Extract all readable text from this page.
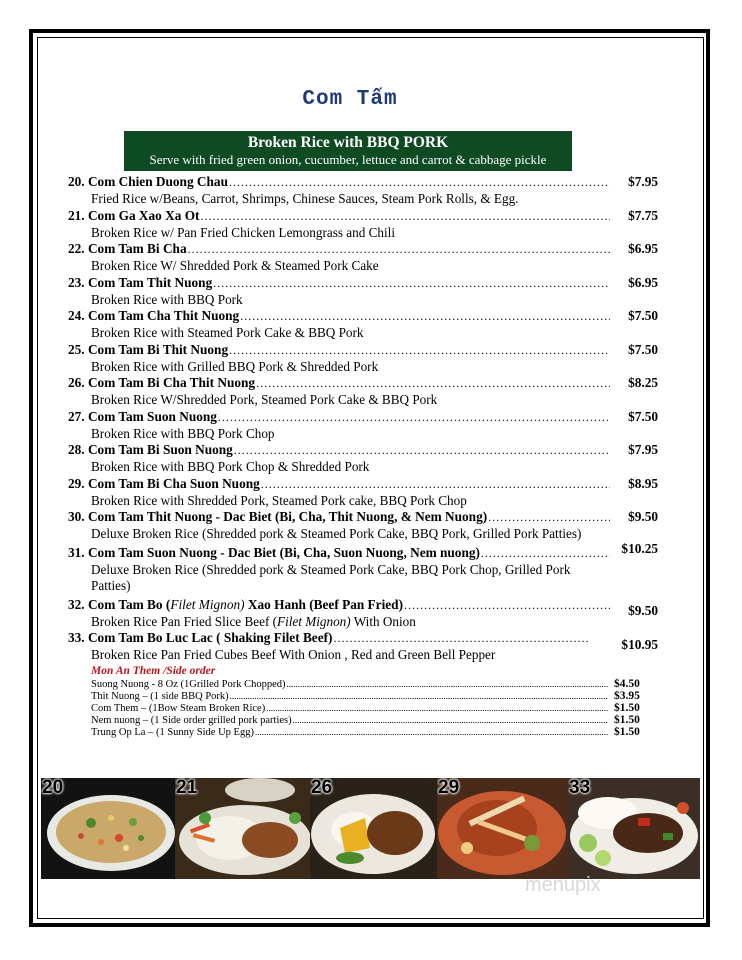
Com Tấm
Broken Rice with BBQ PORK
Serve with fried green onion, cucumber, lettuce and carrot & cabbage pickle
20. Com Chien Duong Chau .....	$7.95
Fried Rice w/Beans, Carrot, Shrimps, Chinese Sauces, Steam Pork Rolls, & Egg.
21. Com Ga Xao Xa Ot .....	$7.75
Broken Rice w/ Pan Fried Chicken Lemongrass and Chili
22. Com Tam Bi Cha .....	$6.95
Broken Rice W/ Shredded Pork & Steamed Pork Cake
23. Com Tam Thit Nuong .....	$6.95
Broken Rice with BBQ Pork
24. Com Tam Cha Thit Nuong .....	$7.50
Broken Rice with Steamed Pork Cake & BBQ Pork
25. Com Tam Bi Thit Nuong .....	$7.50
Broken Rice with Grilled BBQ Pork & Shredded Pork
26. Com Tam Bi Cha Thit Nuong .....	$8.25
Broken Rice W/Shredded Pork, Steamed Pork Cake & BBQ Pork
27. Com Tam Suon Nuong .....	$7.50
Broken Rice with BBQ Pork Chop
28. Com Tam Bi Suon Nuong .....	$7.95
Broken Rice with BBQ Pork Chop & Shredded Pork
29. Com Tam Bi Cha Suon Nuong .....	$8.95
Broken Rice with Shredded Pork, Steamed Pork cake, BBQ Pork Chop
30. Com Tam Thit Nuong - Dac Biet (Bi, Cha, Thit Nuong, & Nem Nuong) .....	$9.50
Deluxe Broken Rice (Shredded pork & Steamed Pork Cake, BBQ Pork, Grilled Pork Patties)
31. Com Tam Suon Nuong - Dac Biet (Bi, Cha, Suon Nuong, Nem nuong) .....	$10.25
Deluxe Broken Rice (Shredded pork & Steamed Pork Cake, BBQ Pork Chop, Grilled Pork Patties)
32. Com Tam Bo (Filet Mignon) Xao Hanh (Beef Pan Fried) .....	$9.50
Broken Rice Pan Fried Slice Beef (Filet Mignon) With Onion
33. Com Tam Bo Luc Lac ( Shaking Filet Beef) .....	$10.95
Broken Rice Pan Fried Cubes Beef With Onion , Red and Green Bell Pepper
Mon An Them /Side order
Suong Nuong - 8 Oz (1Grilled Pork Chopped) .....	$4.50
Thit Nuong – (1 side BBQ Pork) .....	$3.95
Com Them – (1Bow Steam Broken Rice) .....	$1.50
Nem nuong – (1 Side order grilled pork parties) .....	$1.50
Trung Op La – (1 Sunny Side Up Egg) .....	$1.50
20	21	26	29	33
menupix
